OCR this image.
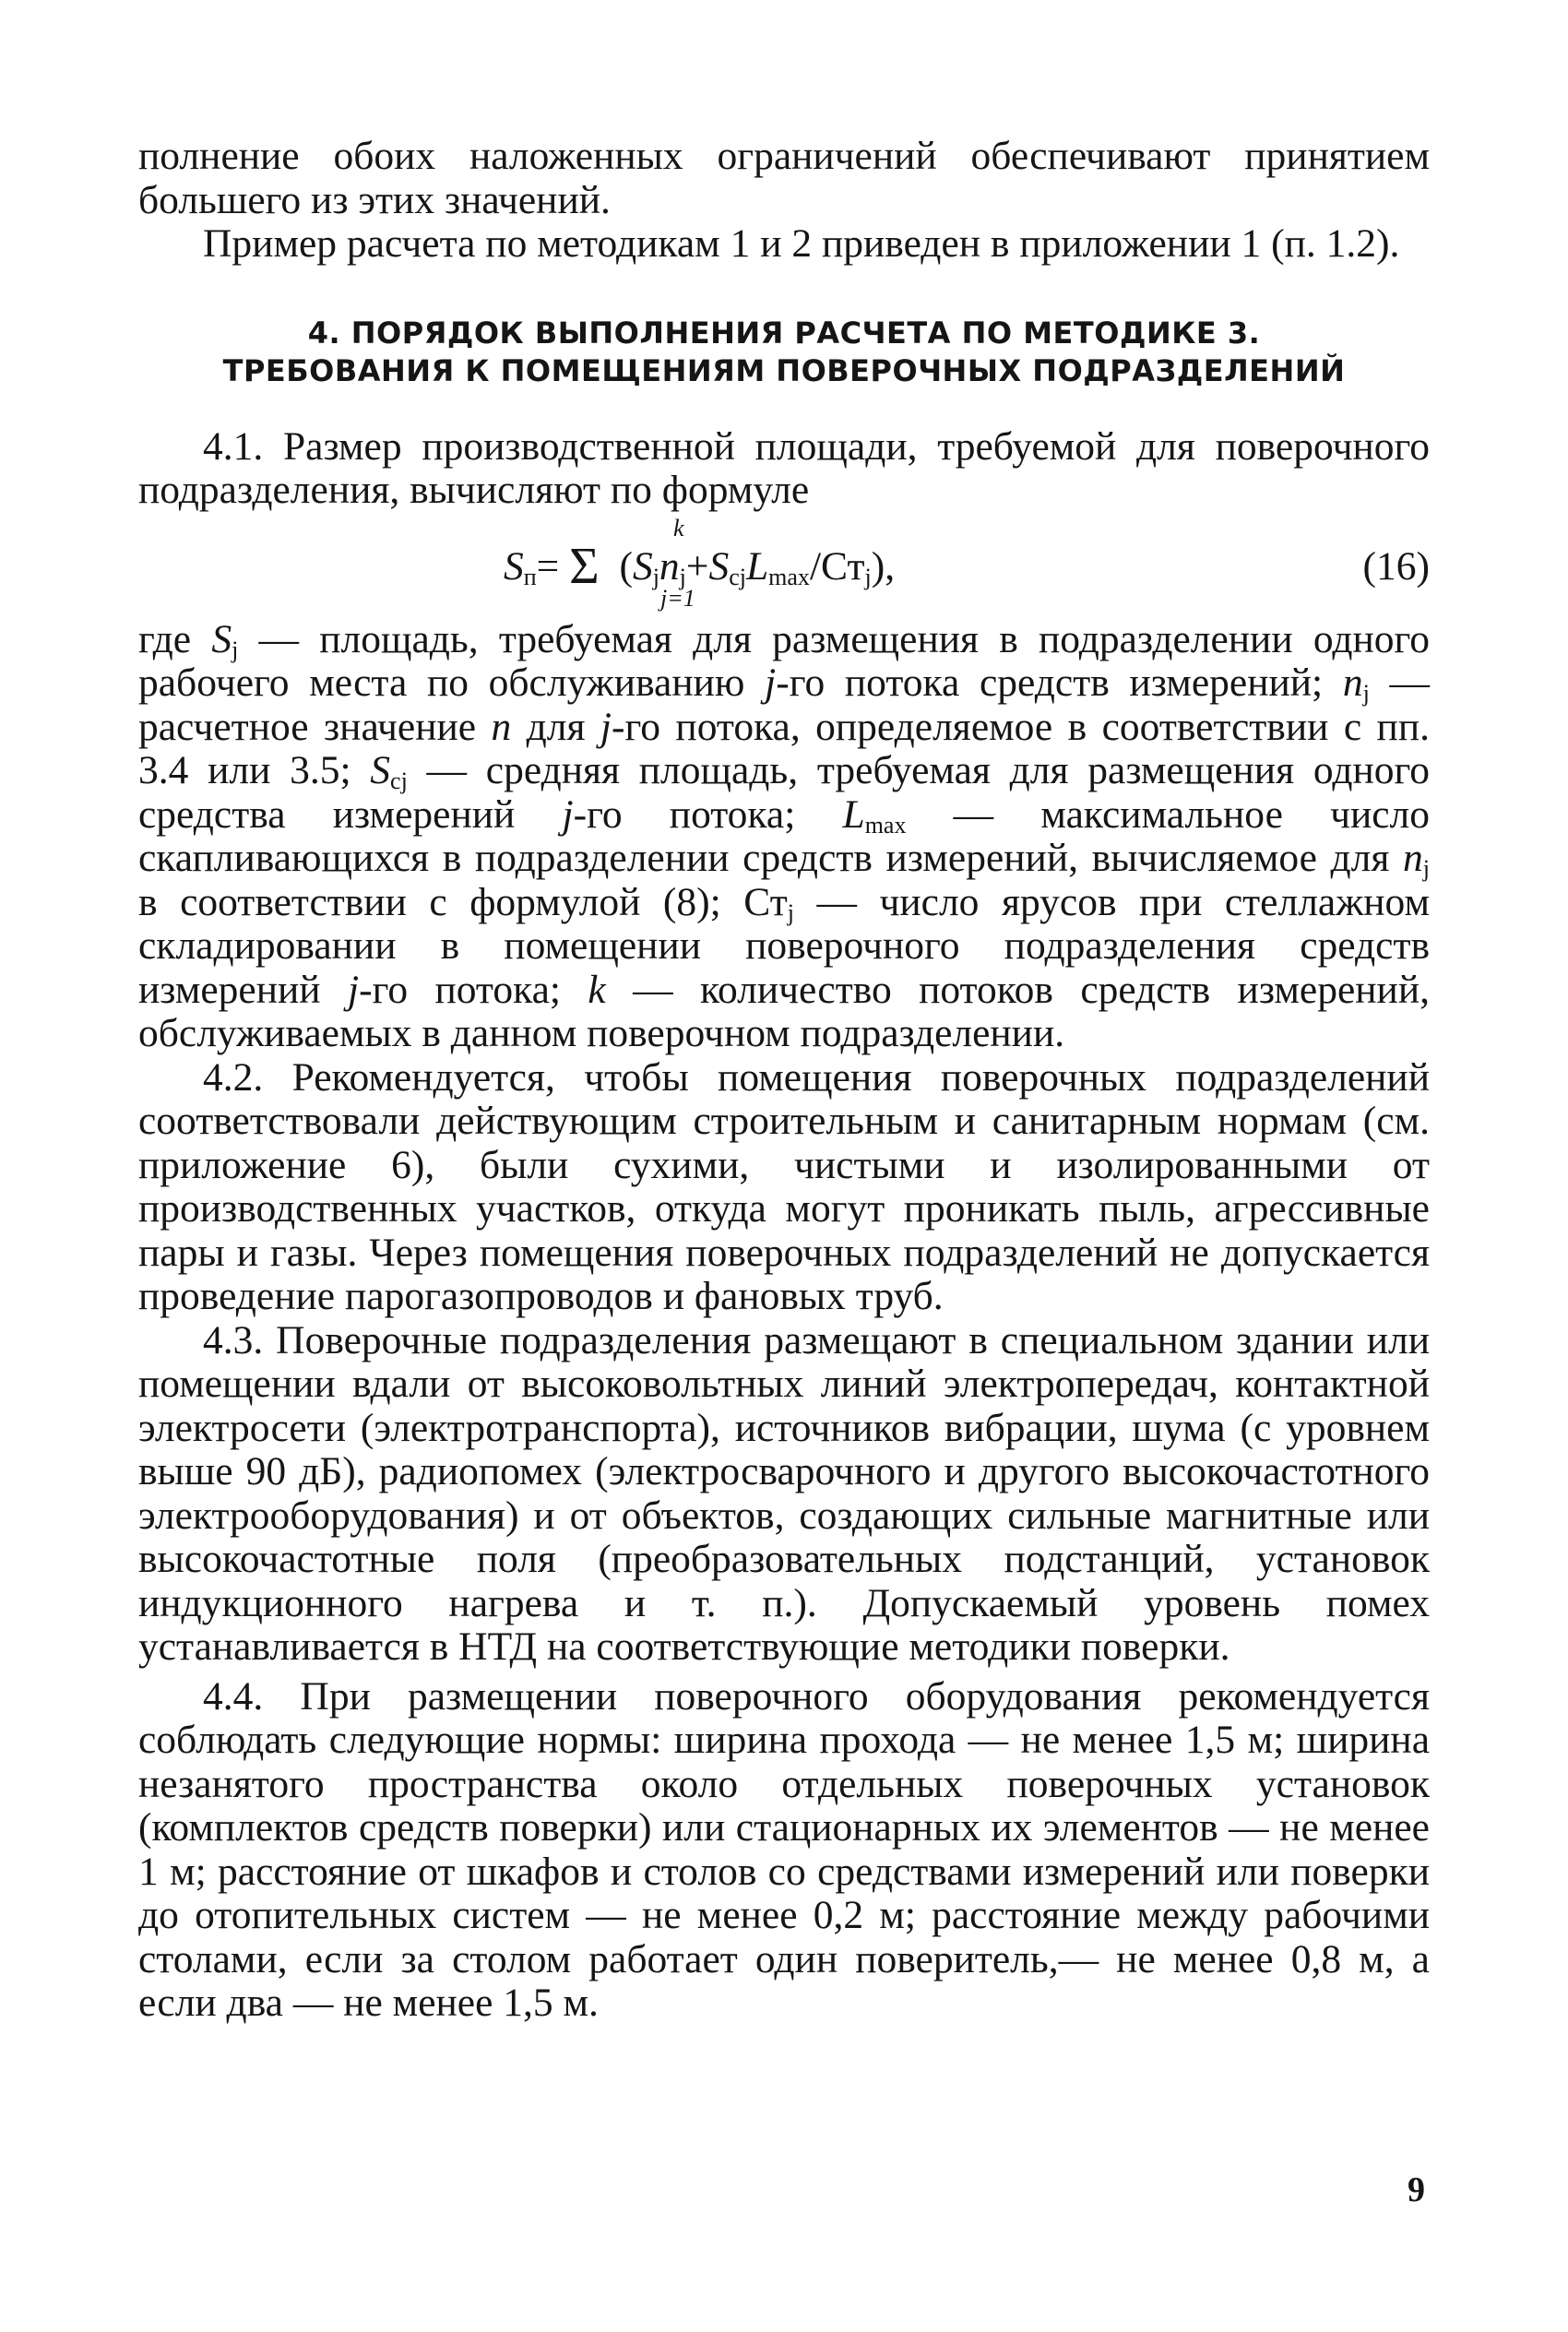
полнение обоих наложенных ограничений обеспечивают принятием большего из этих значений.

Пример расчета по методикам 1 и 2 приведен в приложении 1 (п. 1.2).

4. ПОРЯДОК ВЫПОЛНЕНИЯ РАСЧЕТА ПО МЕТОДИКЕ 3.
ТРЕБОВАНИЯ К ПОМЕЩЕНИЯМ ПОВЕРОЧНЫХ ПОДРАЗДЕЛЕНИЙ

4.1. Размер производственной площади, требуемой для поверочного подразделения, вычисляют по формуле

k
$S_п= \Sigma$  $(S_jn_j+S_{cj}L_{max}/Ст_j)$,
j=1
(16)

где $S_j$ — площадь, требуемая для размещения в подразделении одного рабочего места по обслуживанию j-го потока средств измерений; $n_j$ — расчетное значение n для j-го потока, определяемое в соответствии с пп. 3.4 или 3.5; $S_{cj}$ — средняя площадь, требуемая для размещения одного средства измерений j-го потока; $L_{max}$ — максимальное число скапливающихся в подразделении средств измерений, вычисляемое для $n_j$ в соответствии с формулой (8); $Ст_j$ — число ярусов при стеллажном складировании в помещении поверочного подразделения средств измерений j-го потока; k — количество потоков средств измерений, обслуживаемых в данном поверочном подразделении.

4.2. Рекомендуется, чтобы помещения поверочных подразделений соответствовали действующим строительным и санитарным нормам (см. приложение 6), были сухими, чистыми и изолированными от производственных участков, откуда могут проникать пыль, агрессивные пары и газы. Через помещения поверочных подразделений не допускается проведение парогазопроводов и фановых труб.

4.3. Поверочные подразделения размещают в специальном здании или помещении вдали от высоковольтных линий электропередач, контактной электросети (электротранспорта), источников вибрации, шума (с уровнем выше 90 дБ), радиопомех (электросварочного и другого высокочастотного электрооборудования) и от объектов, создающих сильные магнитные или высокочастотные поля (преобразовательных подстанций, установок индукционного нагрева и т. п.). Допускаемый уровень помех устанавливается в НТД на соответствующие методики поверки.

4.4. При размещении поверочного оборудования рекомендуется соблюдать следующие нормы: ширина прохода — не менее 1,5 м; ширина незанятого пространства около отдельных поверочных установок (комплектов средств поверки) или стационарных их элементов — не менее 1 м; расстояние от шкафов и столов со средствами измерений или поверки до отопительных систем — не менее 0,2 м; расстояние между рабочими столами, если за столом работает один поверитель,— не менее 0,8 м, а если два — не менее 1,5 м.

9
